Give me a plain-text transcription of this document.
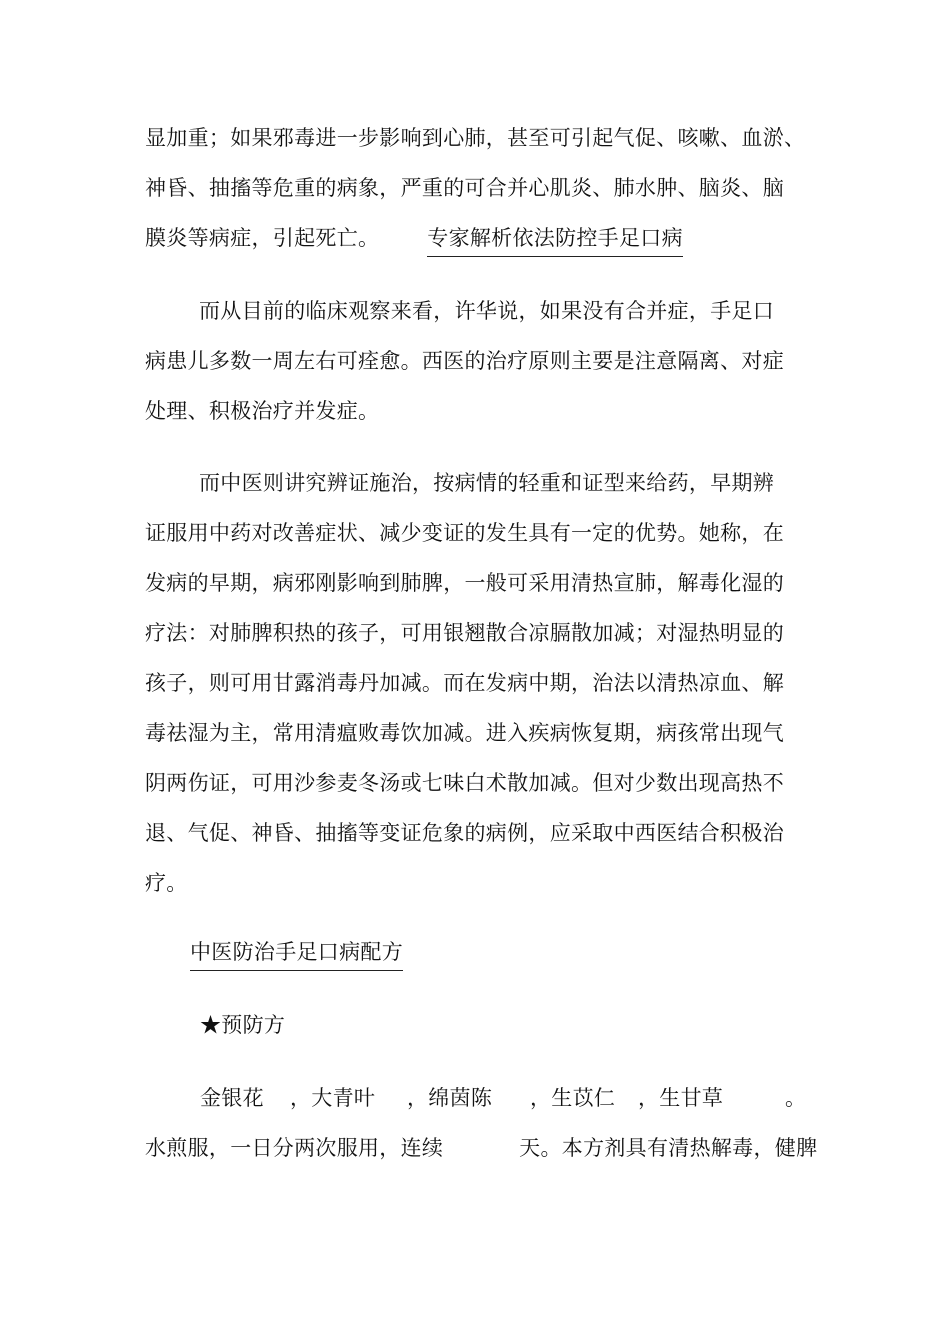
显加重；如果邪毒进一步影响到心肺，甚至可引起气促、咳嗽、血淤、
神昏、抽搐等危重的病象，严重的可合并心肌炎、肺水肿、脑炎、脑
膜炎等病症，引起死亡。 专家解析依法防控手足口病
而从目前的临床观察来看，许华说，如果没有合并症，手足口
病患儿多数一周左右可痊愈。西医的治疗原则主要是注意隔离、对症
处理、积极治疗并发症。
而中医则讲究辨证施治，按病情的轻重和证型来给药，早期辨
证服用中药对改善症状、减少变证的发生具有一定的优势。她称，在
发病的早期，病邪刚影响到肺脾，一般可采用清热宣肺，解毒化湿的
疗法：对肺脾积热的孩子，可用银翘散合凉膈散加减；对湿热明显的
孩子，则可用甘露消毒丹加减。而在发病中期，治法以清热凉血、解
毒祛湿为主，常用清瘟败毒饮加减。进入疾病恢复期，病孩常出现气
阴两伤证，可用沙参麦冬汤或七味白术散加减。但对少数出现高热不
退、气促、神昏、抽搐等变证危象的病例，应采取中西医结合积极治
疗。
中医防治手足口病配方
★预防方
金银花 ，大青叶 ，绵茵陈 ，生苡仁 ，生甘草	。
水煎服，一日分两次服用，连续	天。本方剂具有清热解毒，健脾
